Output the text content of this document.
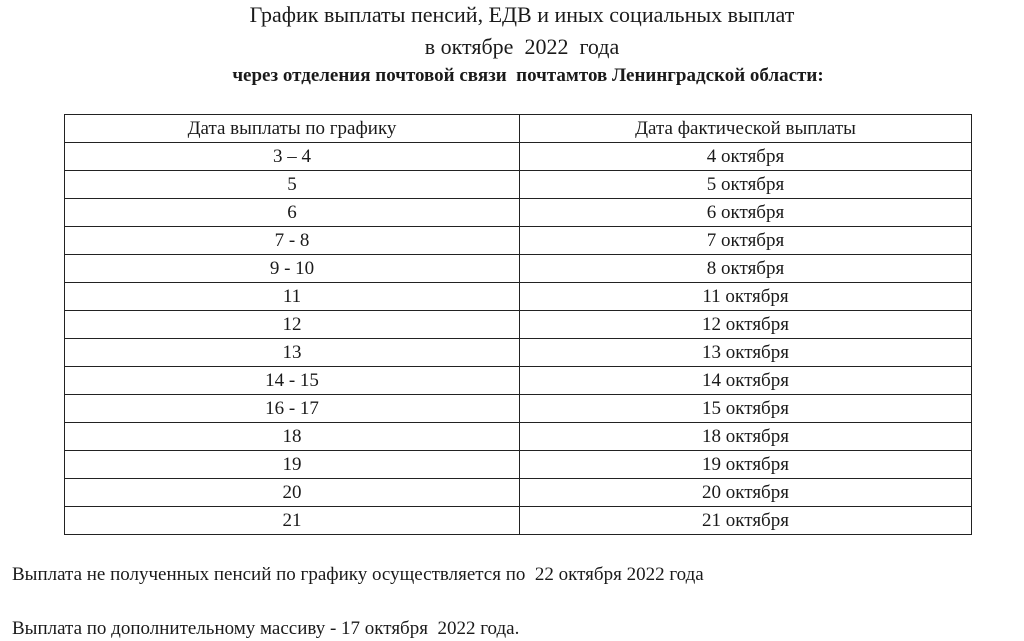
График выплаты пенсий, ЕДВ и иных социальных выплат
в октябре  2022  года
через отделения почтовой связи  почтамтов Ленинградской области:
Дата выплаты по графику	Дата фактической выплаты
3 – 4	4 октября
5	5 октября
6	6 октября
7 - 8	7 октября
9 - 10	8 октября
11	11 октября
12	12 октября
13	13 октября
14 - 15	14 октября
16 - 17	15 октября
18	18 октября
19	19 октября
20	20 октября
21	21 октября
Выплата не полученных пенсий по графику осуществляется по  22 октября 2022 года
Выплата по дополнительному массиву - 17 октября  2022 года.
